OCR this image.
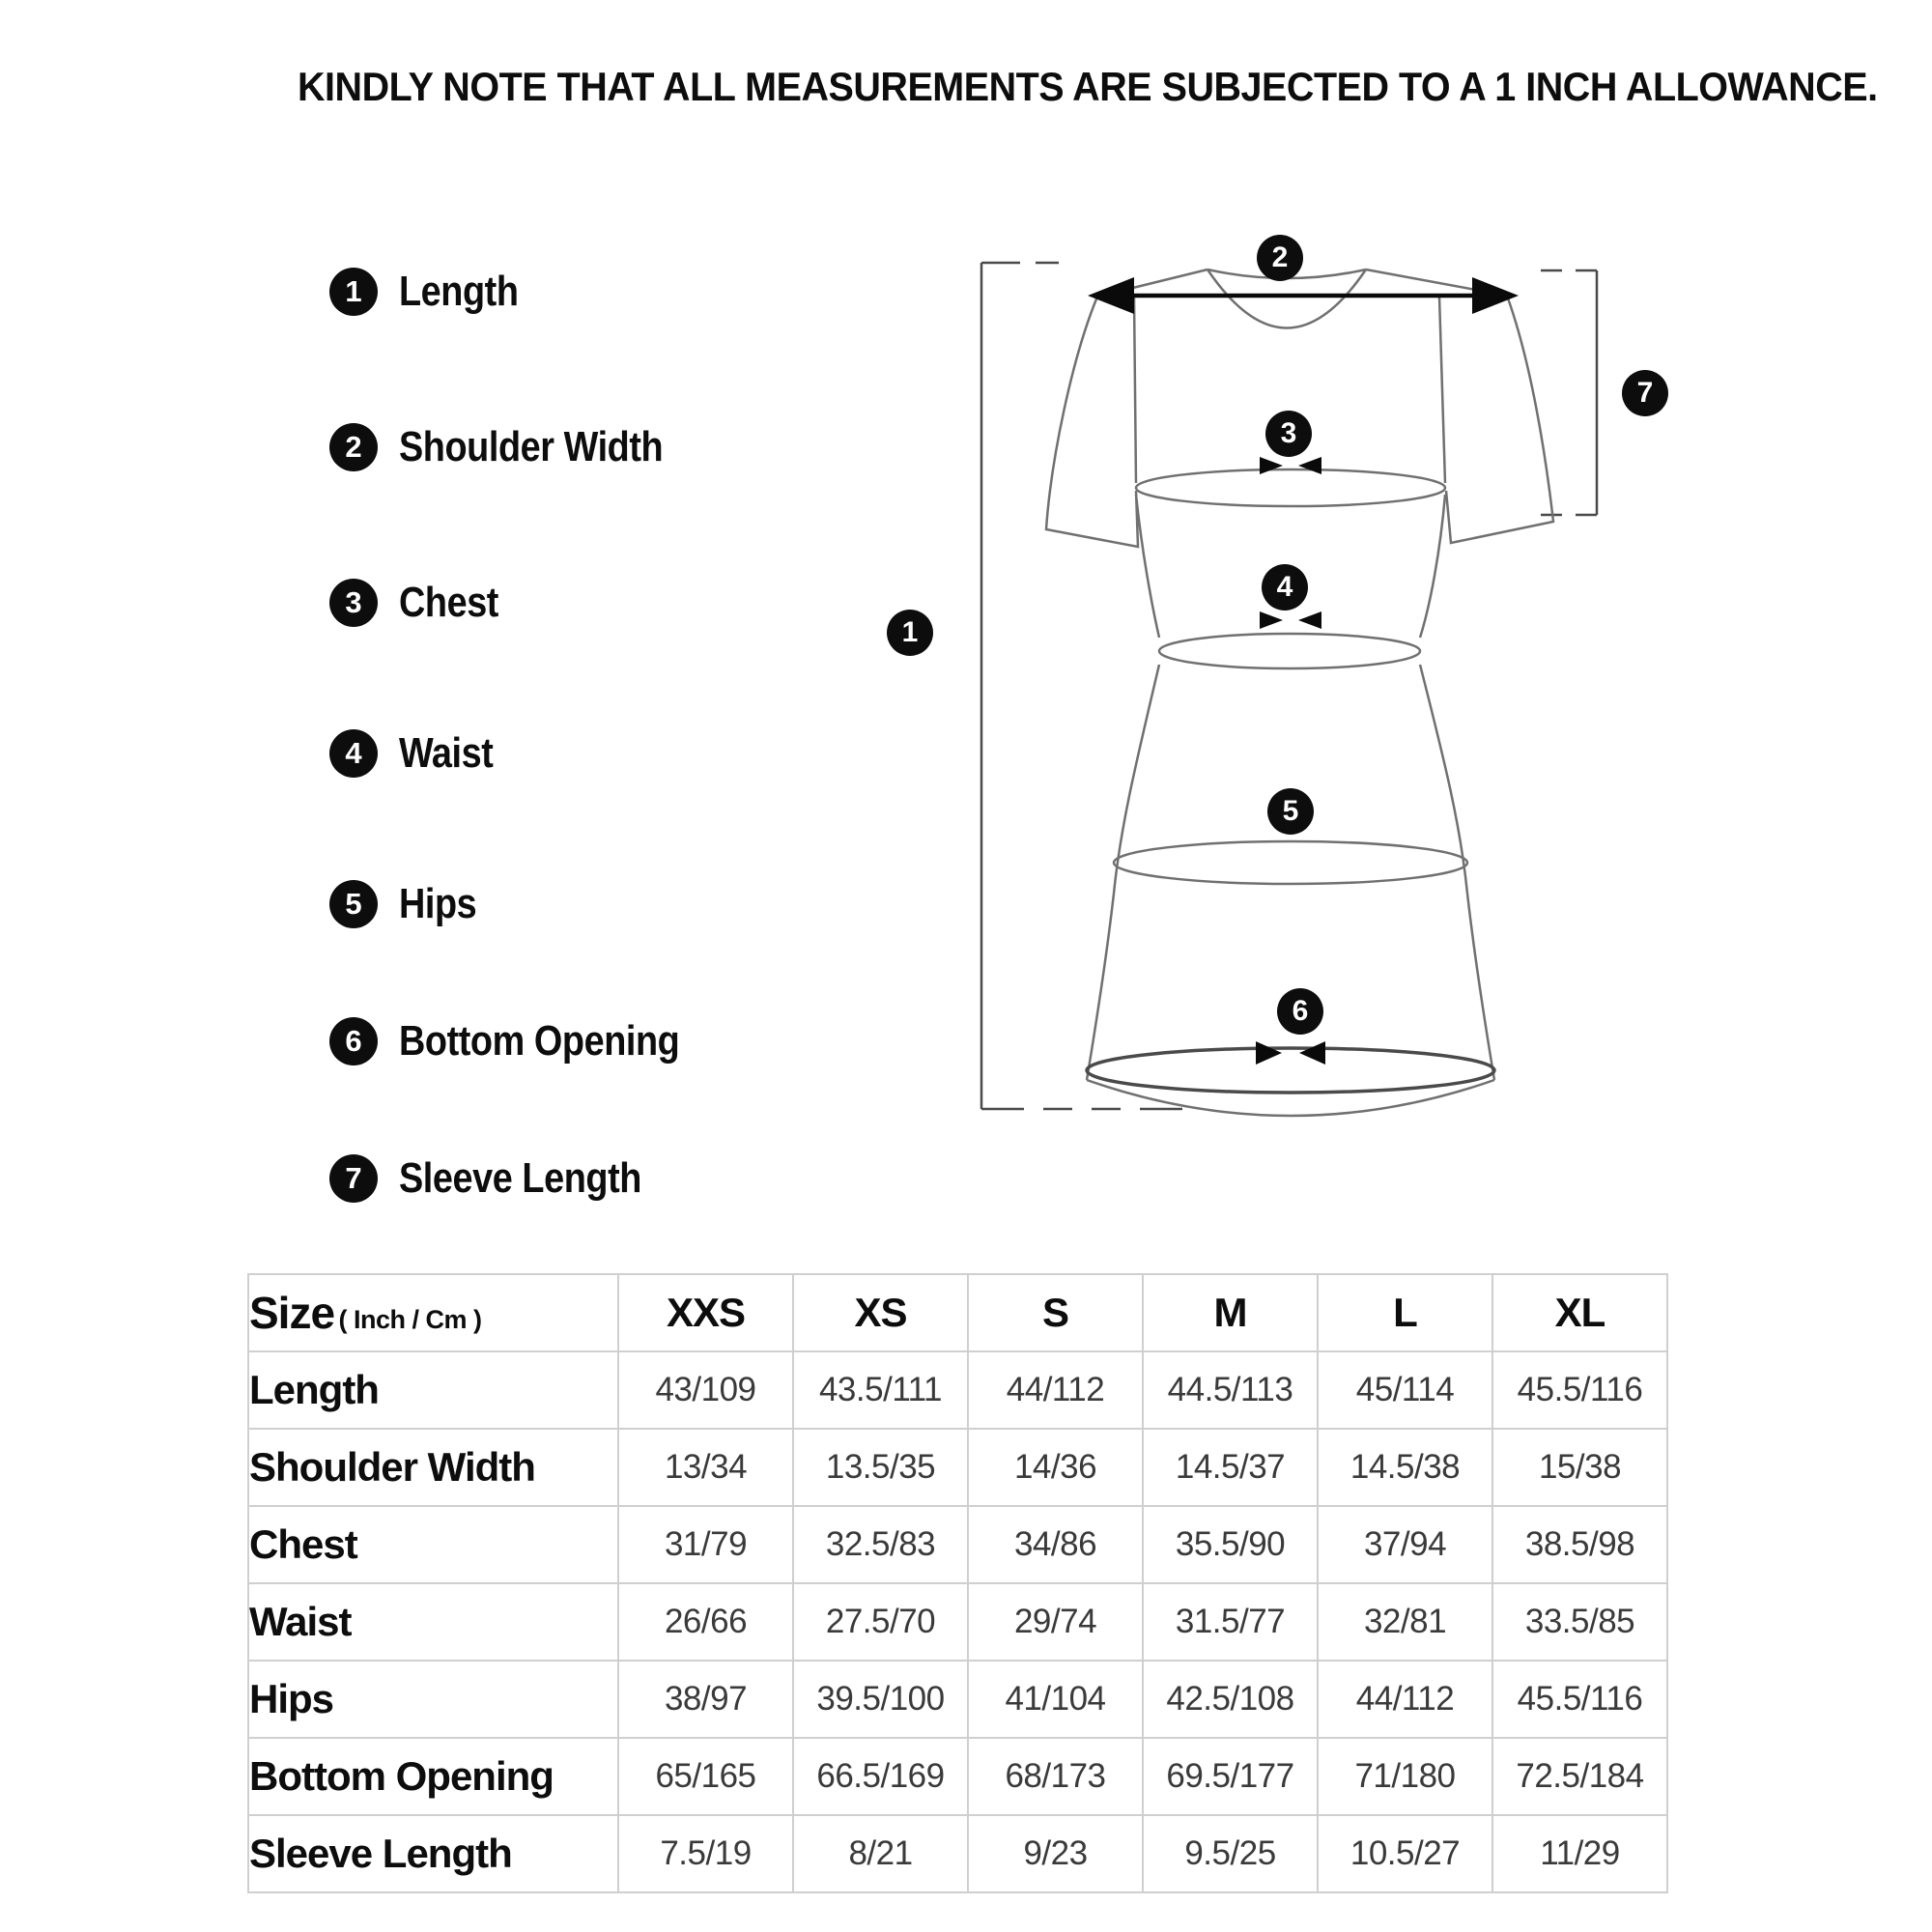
KINDLY NOTE THAT ALL MEASUREMENTS ARE SUBJECTED TO A 1 INCH ALLOWANCE.
1 Length
2 Shoulder Width
3 Chest
4 Waist
5 Hips
6 Bottom Opening
7 Sleeve Length
1
2
3
4
5
6
7
Size ( Inch / Cm )	XXS	XS	S	M	L	XL
Length	43/109	43.5/111	44/112	44.5/113	45/114	45.5/116
Shoulder Width	13/34	13.5/35	14/36	14.5/37	14.5/38	15/38
Chest	31/79	32.5/83	34/86	35.5/90	37/94	38.5/98
Waist	26/66	27.5/70	29/74	31.5/77	32/81	33.5/85
Hips	38/97	39.5/100	41/104	42.5/108	44/112	45.5/116
Bottom Opening	65/165	66.5/169	68/173	69.5/177	71/180	72.5/184
Sleeve Length	7.5/19	8/21	9/23	9.5/25	10.5/27	11/29
